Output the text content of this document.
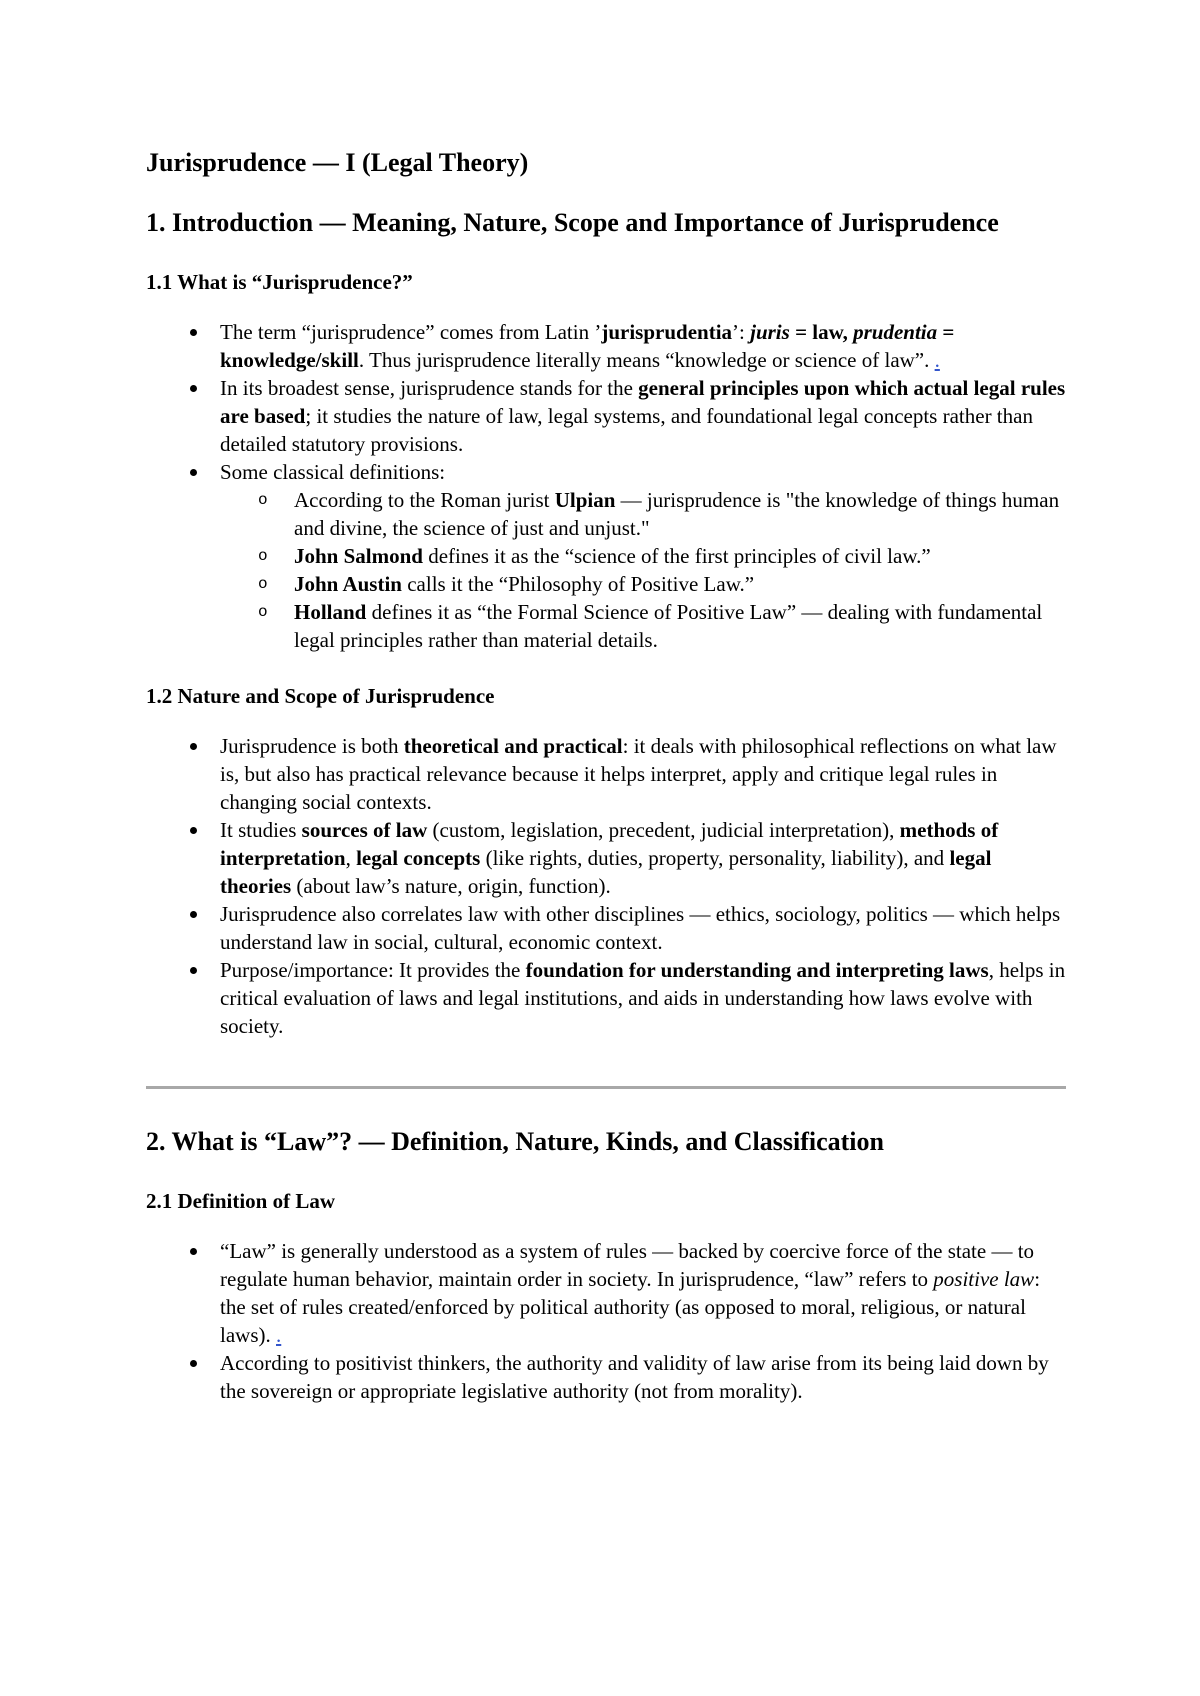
Jurisprudence — I (Legal Theory)
1. Introduction — Meaning, Nature, Scope and Importance of Jurisprudence
1.1 What is “Jurisprudence?”
The term “jurisprudence” comes from Latin ’jurisprudentia’: juris = law, prudentia = knowledge/skill. Thus jurisprudence literally means “knowledge or science of law”. .
In its broadest sense, jurisprudence stands for the general principles upon which actual legal rules are based; it studies the nature of law, legal systems, and foundational legal concepts rather than detailed statutory provisions.
Some classical definitions:
o According to the Roman jurist Ulpian — jurisprudence is "the knowledge of things human and divine, the science of just and unjust."
o John Salmond defines it as the “science of the first principles of civil law.”
o John Austin calls it the “Philosophy of Positive Law.”
o Holland defines it as “the Formal Science of Positive Law” — dealing with fundamental legal principles rather than material details.
1.2 Nature and Scope of Jurisprudence
Jurisprudence is both theoretical and practical: it deals with philosophical reflections on what law is, but also has practical relevance because it helps interpret, apply and critique legal rules in changing social contexts.
It studies sources of law (custom, legislation, precedent, judicial interpretation), methods of interpretation, legal concepts (like rights, duties, property, personality, liability), and legal theories (about law’s nature, origin, function).
Jurisprudence also correlates law with other disciplines — ethics, sociology, politics — which helps understand law in social, cultural, economic context.
Purpose/importance: It provides the foundation for understanding and interpreting laws, helps in critical evaluation of laws and legal institutions, and aids in understanding how laws evolve with society.
2. What is “Law”? — Definition, Nature, Kinds, and Classification
2.1 Definition of Law
“Law” is generally understood as a system of rules — backed by coercive force of the state — to regulate human behavior, maintain order in society. In jurisprudence, “law” refers to positive law: the set of rules created/enforced by political authority (as opposed to moral, religious, or natural laws). .
According to positivist thinkers, the authority and validity of law arise from its being laid down by the sovereign or appropriate legislative authority (not from morality).
